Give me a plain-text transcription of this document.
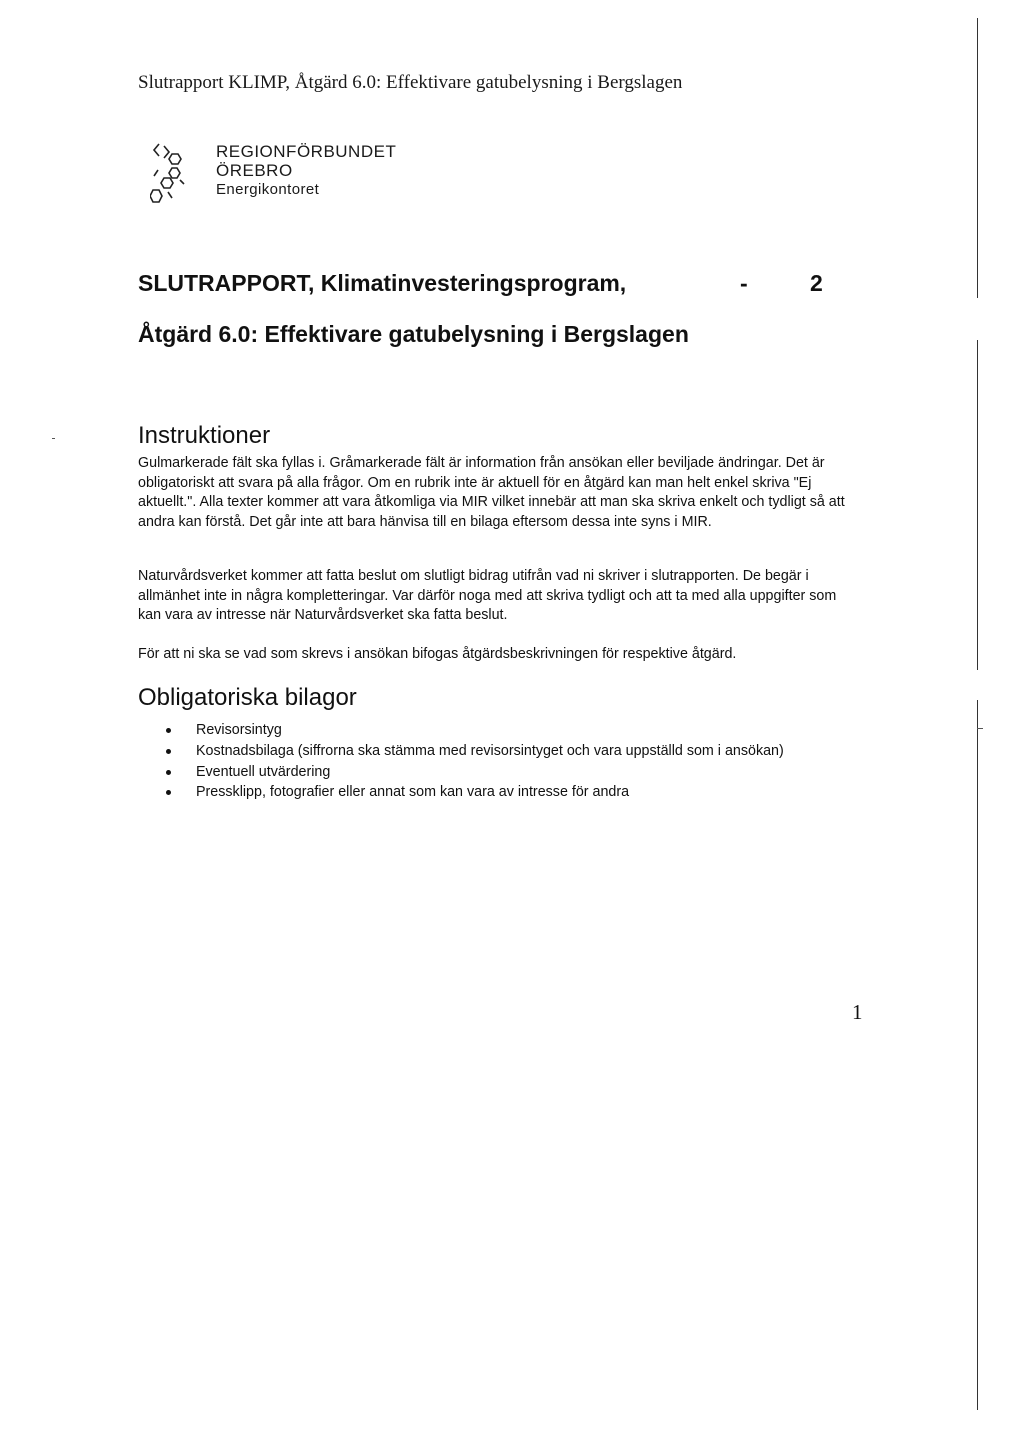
Slutrapport KLIMP, Åtgärd 6.0: Effektivare gatubelysning i Bergslagen
REGIONFÖRBUNDET
ÖREBRO
Energikontoret
SLUTRAPPORT, Klimatinvesteringsprogram,	-	2
Åtgärd 6.0: Effektivare gatubelysning i Bergslagen
Instruktioner
Gulmarkerade fält ska fyllas i. Gråmarkerade fält är information från ansökan eller beviljade ändringar. Det är obligatoriskt att svara på alla frågor. Om en rubrik inte är aktuell för en åtgärd kan man helt enkel skriva "Ej aktuellt.". Alla texter kommer att vara åtkomliga via MIR vilket innebär att man ska skriva enkelt och tydligt så att andra kan förstå. Det går inte att bara hänvisa till en bilaga eftersom dessa inte syns i MIR.
Naturvårdsverket kommer att fatta beslut om slutligt bidrag utifrån vad ni skriver i slutrapporten. De begär i allmänhet inte in några kompletteringar. Var därför noga med att skriva tydligt och att ta med alla uppgifter som kan vara av intresse när Naturvårdsverket ska fatta beslut.
För att ni ska se vad som skrevs i ansökan bifogas åtgärdsbeskrivningen för respektive åtgärd.
Obligatoriska bilagor
Revisorsintyg
Kostnadsbilaga (siffrorna ska stämma med revisorsintyget och vara uppställd som i ansökan)
Eventuell utvärdering
Pressklipp, fotografier eller annat som kan vara av intresse för andra
1
